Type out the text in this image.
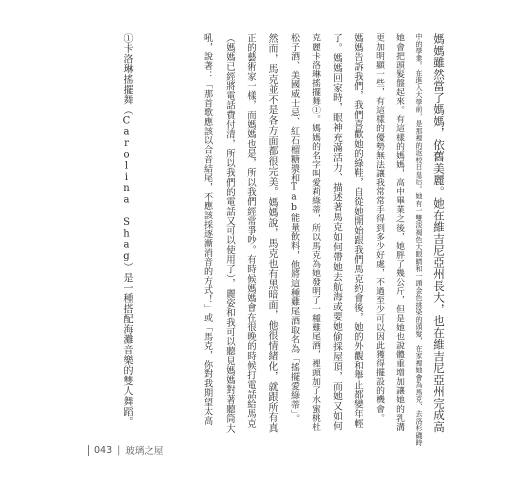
媽媽雖然當了媽媽，依舊美麗。她在維吉尼亞州長大，也在維吉尼亞州完成高
中的學業。在進入大學前，是那裡的返校日皇后。她有一雙淡褐色大眼睛和一頭金色挑染的頭髮，在家裡她會為馬克、去洛杉磯時
她會把頭髮盤起來。有這樣的媽媽，高中畢業之後，她胖了幾公斤，但是她也說體重增加讓她的乳溝
更加明顯一些，有這樣的優勢無法讓我常常手得到多少好處，不過至少可以因此獲得擺設的機會。
媽媽告訴我們，我們喜歡她的綠鞋，自從她開始跟我們馬克約會後，她的外觀和舉止都變年輕
了。媽媽回家時，眼神充滿活力、描述著馬克如何帶她去航海或要她偷採屋頂，而她又如何
克麗卡洛琳搖擺舞①。媽媽的名字叫愛莉綠蒂，所以馬克為她發明了一種雞尾酒，裡頭加了水蜜桃杜
松子酒、美國威士忌、紅石榴糖漿和Tab能量飲料，他將這種雞尾酒取名為「搖擺愛綠蒂」。
然而，馬克並不是各方面都很完美。媽媽說，馬克也有黑暗面，他很情緒化，就跟所有真
正的藝術家一樣，而媽媽也是，所以我們經常爭吵。有時候媽媽會在很晚的時候打電話給馬克
（媽媽已經將電話費付清，所以我們的電話又可以使用了），麗姿和我可以聽見媽媽對著聽筒大
吼，說著：「那首歌應該以合音結尾，不應該採逐漸消音的方式！」或「馬克，你對我期望太高
①卡洛琳搖擺舞（Carolina Shag）是一種搭配海灘音樂的雙人舞蹈。
043 | 玻璃之屋
